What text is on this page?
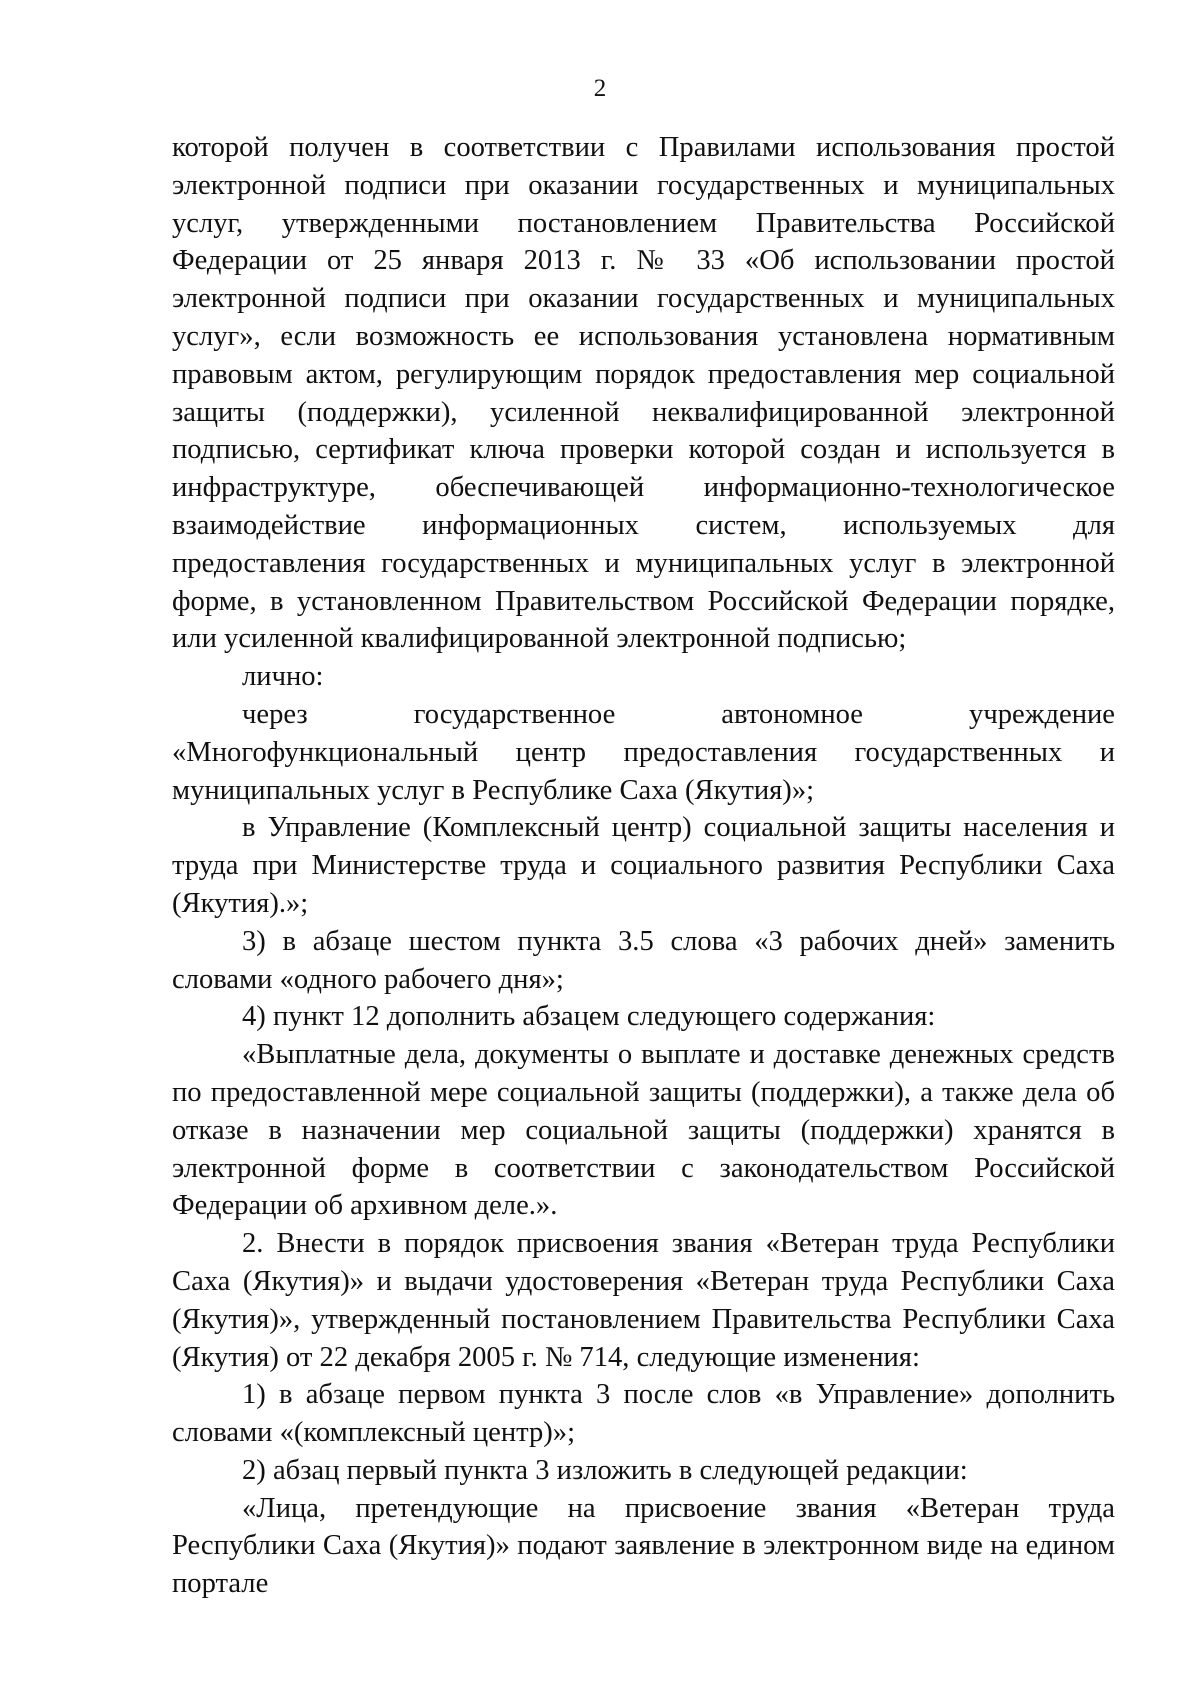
2

которой получен в соответствии с Правилами использования простой электронной подписи при оказании государственных и муниципальных услуг, утвержденными постановлением Правительства Российской Федерации от 25 января 2013 г. № 33 «Об использовании простой электронной подписи при оказании государственных и муниципальных услуг», если возможность ее использования установлена нормативным правовым актом, регулирующим порядок предоставления мер социальной защиты (поддержки), усиленной неквалифицированной электронной подписью, сертификат ключа проверки которой создан и используется в инфраструктуре, обеспечивающей информационно-технологическое взаимодействие информационных систем, используемых для предоставления государственных и муниципальных услуг в электронной форме, в установленном Правительством Российской Федерации порядке, или усиленной квалифицированной электронной подписью;

лично:

через государственное автономное учреждение «Многофункциональный центр предоставления государственных и муниципальных услуг в Республике Саха (Якутия)»;

в Управление (Комплексный центр) социальной защиты населения и труда при Министерстве труда и социального развития Республики Саха (Якутия).»;

3) в абзаце шестом пункта 3.5 слова «3 рабочих дней» заменить словами «одного рабочего дня»;

4) пункт 12 дополнить абзацем следующего содержания:

«Выплатные дела, документы о выплате и доставке денежных средств по предоставленной мере социальной защиты (поддержки), а также дела об отказе в назначении мер социальной защиты (поддержки) хранятся в электронной форме в соответствии с законодательством Российской Федерации об архивном деле.».

2. Внести в порядок присвоения звания «Ветеран труда Республики Саха (Якутия)» и выдачи удостоверения «Ветеран труда Республики Саха (Якутия)», утвержденный постановлением Правительства Республики Саха (Якутия) от 22 декабря 2005 г. № 714, следующие изменения:

1) в абзаце первом пункта 3 после слов «в Управление» дополнить словами «(комплексный центр)»;

2) абзац первый пункта 3 изложить в следующей редакции:

«Лица, претендующие на присвоение звания «Ветеран труда Республики Саха (Якутия)» подают заявление в электронном виде на едином портале
